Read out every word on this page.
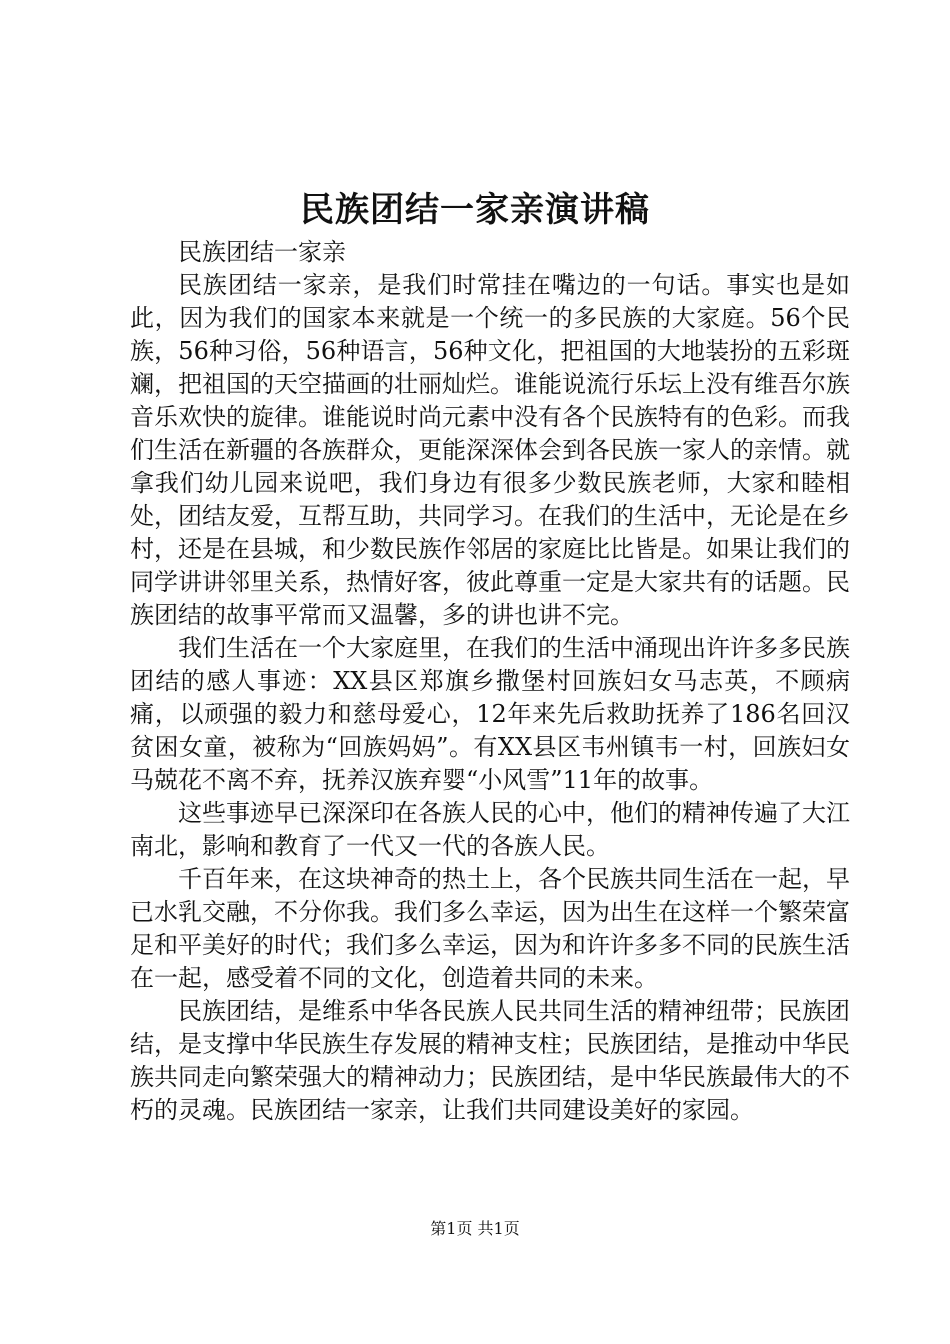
民族团结一家亲演讲稿

民族团结一家亲

民族团结一家亲，是我们时常挂在嘴边的一句话。事实也是如此，因为我们的国家本来就是一个统一的多民族的大家庭。56个民族，56种习俗，56种语言，56种文化，把祖国的大地装扮的五彩斑斓，把祖国的天空描画的壮丽灿烂。谁能说流行乐坛上没有维吾尔族音乐欢快的旋律。谁能说时尚元素中没有各个民族特有的色彩。而我们生活在新疆的各族群众，更能深深体会到各民族一家人的亲情。就拿我们幼儿园来说吧，我们身边有很多少数民族老师，大家和睦相处，团结友爱，互帮互助，共同学习。在我们的生活中，无论是在乡村，还是在县城，和少数民族作邻居的家庭比比皆是。如果让我们的同学讲讲邻里关系，热情好客，彼此尊重一定是大家共有的话题。民族团结的故事平常而又温馨，多的讲也讲不完。

我们生活在一个大家庭里，在我们的生活中涌现出许许多多民族团结的感人事迹：XX县区郑旗乡撒堡村回族妇女马志英，不顾病痛，以顽强的毅力和慈母爱心，12年来先后救助抚养了186名回汉贫困女童，被称为“回族妈妈”。有XX县区韦州镇韦一村，回族妇女马兢花不离不弃，抚养汉族弃婴“小风雪”11年的故事。

这些事迹早已深深印在各族人民的心中，他们的精神传遍了大江南北，影响和教育了一代又一代的各族人民。

千百年来，在这块神奇的热土上，各个民族共同生活在一起，早已水乳交融，不分你我。我们多么幸运，因为出生在这样一个繁荣富足和平美好的时代；我们多么幸运，因为和许许多多不同的民族生活在一起，感受着不同的文化，创造着共同的未来。

民族团结，是维系中华各民族人民共同生活的精神纽带；民族团结，是支撑中华民族生存发展的精神支柱；民族团结，是推动中华民族共同走向繁荣强大的精神动力；民族团结，是中华民族最伟大的不朽的灵魂。民族团结一家亲，让我们共同建设美好的家园。

第1页 共1页
